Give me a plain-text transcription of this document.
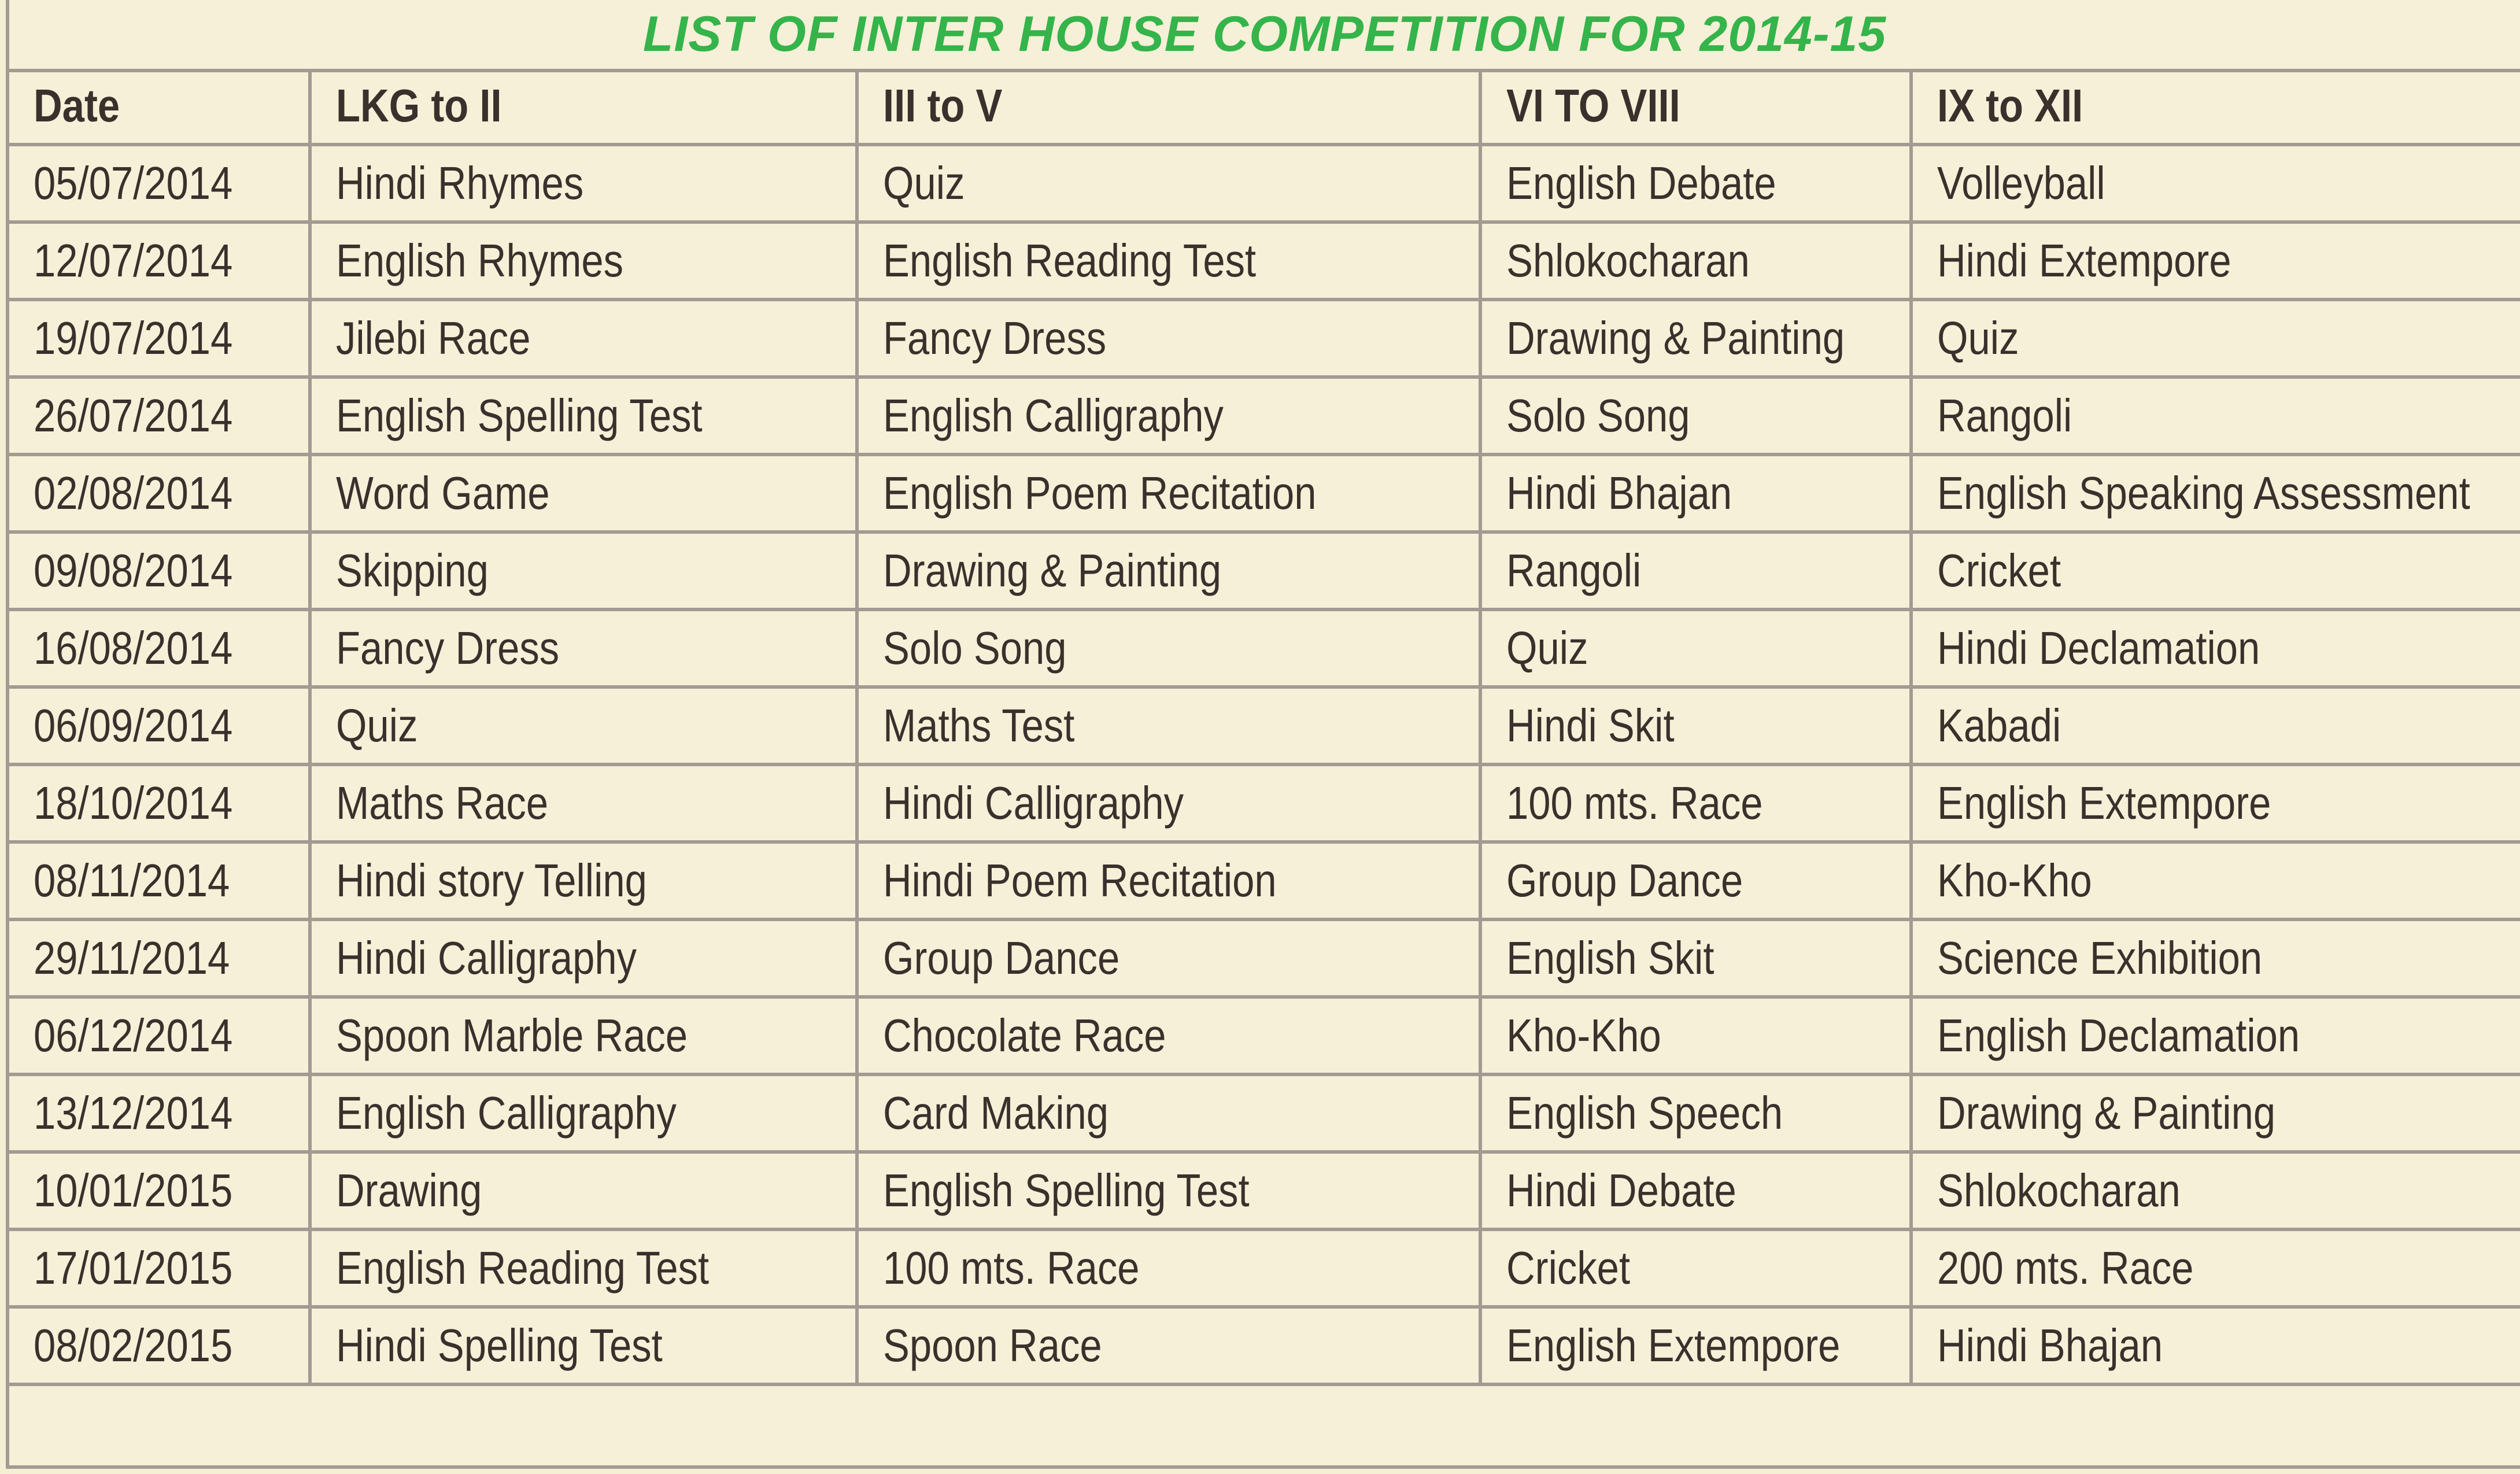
LIST OF INTER HOUSE COMPETITION FOR 2014-15
Date	LKG to II	III to V	VI TO VIII	IX to XII
05/07/2014	Hindi Rhymes	Quiz	English Debate	Volleyball
12/07/2014	English Rhymes	English Reading Test	Shlokocharan	Hindi Extempore
19/07/2014	Jilebi Race	Fancy Dress	Drawing & Painting	Quiz
26/07/2014	English Spelling Test	English Calligraphy	Solo Song	Rangoli
02/08/2014	Word Game	English Poem Recitation	Hindi Bhajan	English Speaking Assessment
09/08/2014	Skipping	Drawing & Painting	Rangoli	Cricket
16/08/2014	Fancy Dress	Solo Song	Quiz	Hindi Declamation
06/09/2014	Quiz	Maths Test	Hindi Skit	Kabadi
18/10/2014	Maths Race	Hindi Calligraphy	100 mts. Race	English Extempore
08/11/2014	Hindi story Telling	Hindi Poem Recitation	Group Dance	Kho-Kho
29/11/2014	Hindi Calligraphy	Group Dance	English Skit	Science Exhibition
06/12/2014	Spoon Marble Race	Chocolate Race	Kho-Kho	English Declamation
13/12/2014	English Calligraphy	Card Making	English Speech	Drawing & Painting
10/01/2015	Drawing	English Spelling Test	Hindi Debate	Shlokocharan
17/01/2015	English Reading Test	100 mts. Race	Cricket	200 mts. Race
08/02/2015	Hindi Spelling Test	Spoon Race	English Extempore	Hindi Bhajan
